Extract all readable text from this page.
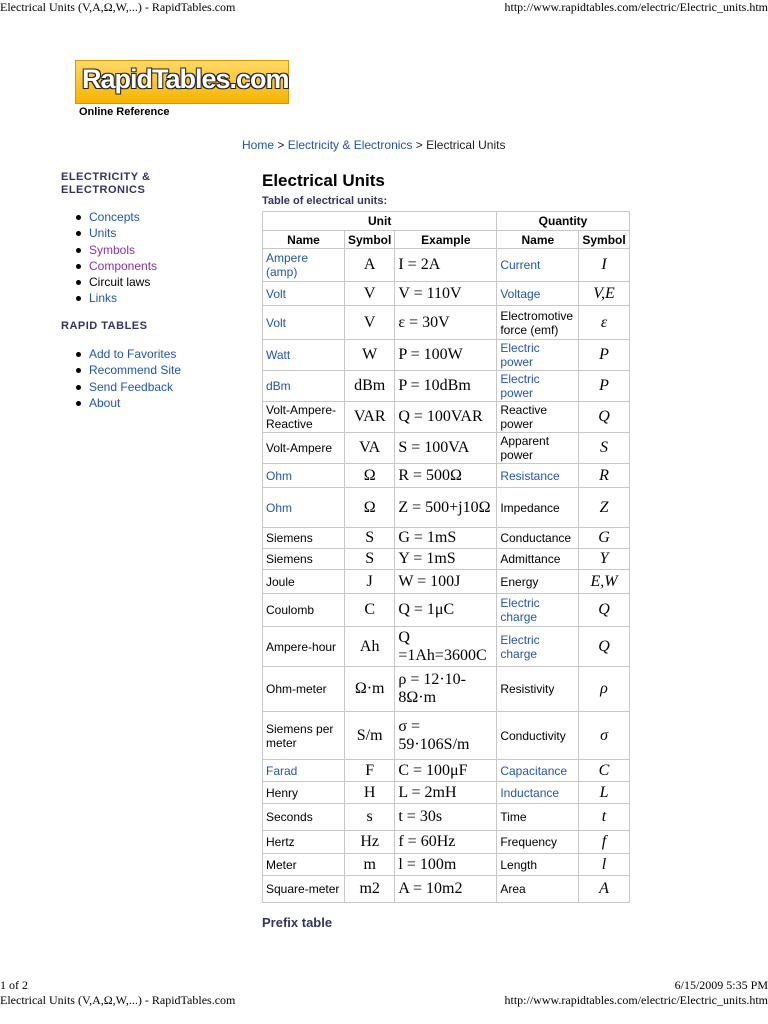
Electrical Units (V,A,Ω,W,...) - RapidTables.com	http://www.rapidtables.com/electric/Electric_units.htm
RapidTables.com
Online Reference
Home > Electricity & Electronics > Electrical Units
ELECTRICITY & ELECTRONICS
Concepts
Units
Symbols
Components
Circuit laws
Links
RAPID TABLES
Add to Favorites
Recommend Site
Send Feedback
About
Electrical Units
Table of electrical units:
Unit			Quantity	
Name	Symbol	Example	Name	Symbol
Ampere (amp)	A	I = 2A	Current	I
Volt	V	V = 110V	Voltage	V,E
Volt	V	ε = 30V	Electromotive force (emf)	ε
Watt	W	P = 100W	Electric power	P
dBm	dBm	P = 10dBm	Electric power	P
Volt-Ampere-Reactive	VAR	Q = 100VAR	Reactive power	Q
Volt-Ampere	VA	S = 100VA	Apparent power	S
Ohm	Ω	R = 500Ω	Resistance	R
Ohm	Ω	Z = 500+j10Ω	Impedance	Z
Siemens	S	G = 1mS	Conductance	G
Siemens	S	Y = 1mS	Admittance	Y
Joule	J	W = 100J	Energy	E,W
Coulomb	C	Q = 1μC	Electric charge	Q
Ampere-hour	Ah	Q =1Ah=3600C	Electric charge	Q
Ohm-meter	Ω·m	ρ = 12·10-8Ω·m	Resistivity	ρ
Siemens per meter	S/m	σ = 59·106S/m	Conductivity	σ
Farad	F	C = 100μF	Capacitance	C
Henry	H	L = 2mH	Inductance	L
Seconds	s	t = 30s	Time	t
Hertz	Hz	f = 60Hz	Frequency	f
Meter	m	l = 100m	Length	l
Square-meter	m2	A = 10m2	Area	A
Prefix table
1 of 2	6/15/2009 5:35 PM
Electrical Units (V,A,Ω,W,...) - RapidTables.com	http://www.rapidtables.com/electric/Electric_units.htm
